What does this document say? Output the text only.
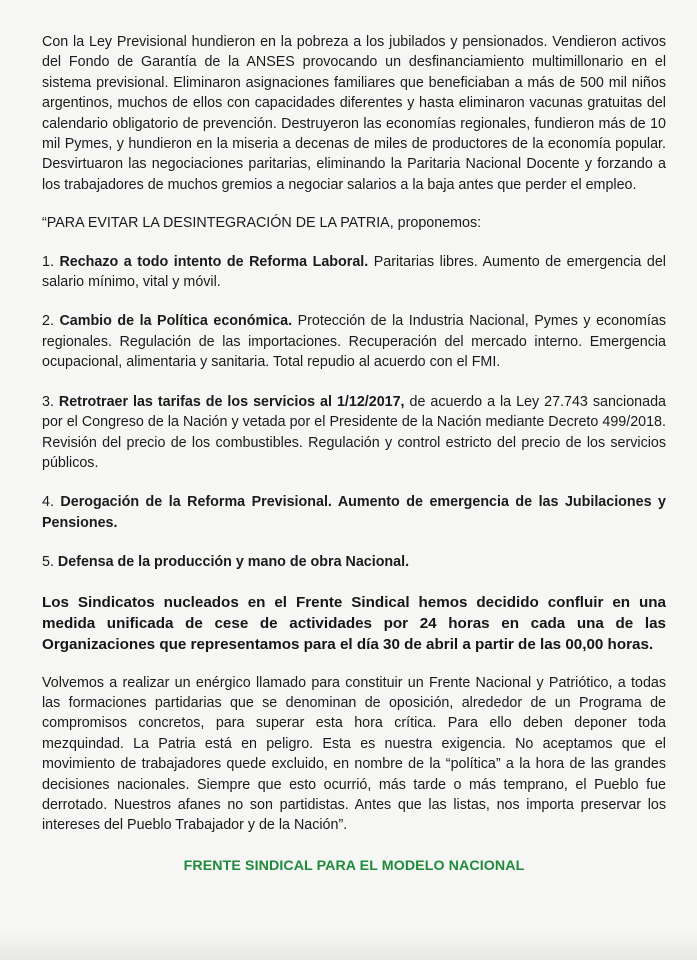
Con la Ley Previsional hundieron en la pobreza a los jubilados y pensionados. Vendieron activos del Fondo de Garantía de la ANSES provocando un desfinanciamiento multimillonario en el sistema previsional. Eliminaron asignaciones familiares que beneficiaban a más de 500 mil niños argentinos, muchos de ellos con capacidades diferentes y hasta eliminaron vacunas gratuitas del calendario obligatorio de prevención. Destruyeron las economías regionales, fundieron más de 10 mil Pymes, y hundieron en la miseria a decenas de miles de productores de la economía popular. Desvirtuaron las negociaciones paritarias, eliminando la Paritaria Nacional Docente y forzando a los trabajadores de muchos gremios a negociar salarios a la baja antes que perder el empleo.

“PARA EVITAR LA DESINTEGRACIÓN DE LA PATRIA, proponemos:

1. Rechazo a todo intento de Reforma Laboral. Paritarias libres. Aumento de emergencia del salario mínimo, vital y móvil.

2. Cambio de la Política económica. Protección de la Industria Nacional, Pymes y economías regionales. Regulación de las importaciones. Recuperación del mercado interno. Emergencia ocupacional, alimentaria y sanitaria. Total repudio al acuerdo con el FMI.

3. Retrotraer las tarifas de los servicios al 1/12/2017, de acuerdo a la Ley 27.743 sancionada por el Congreso de la Nación y vetada por el Presidente de la Nación mediante Decreto 499/2018. Revisión del precio de los combustibles. Regulación y control estricto del precio de los servicios públicos.

4. Derogación de la Reforma Previsional. Aumento de emergencia de las Jubilaciones y Pensiones.

5. Defensa de la producción y mano de obra Nacional.

Los Sindicatos nucleados en el Frente Sindical hemos decidido confluir en una medida unificada de cese de actividades por 24 horas en cada una de las Organizaciones que representamos para el día 30 de abril a partir de las 00,00 horas.

Volvemos a realizar un enérgico llamado para constituir un Frente Nacional y Patriótico, a todas las formaciones partidarias que se denominan de oposición, alrededor de un Programa de compromisos concretos, para superar esta hora crítica. Para ello deben deponer toda mezquindad. La Patria está en peligro. Esta es nuestra exigencia. No aceptamos que el movimiento de trabajadores quede excluido, en nombre de la “política” a la hora de las grandes decisiones nacionales. Siempre que esto ocurrió, más tarde o más temprano, el Pueblo fue derrotado. Nuestros afanes no son partidistas. Antes que las listas, nos importa preservar los intereses del Pueblo Trabajador y de la Nación”.

FRENTE SINDICAL PARA EL MODELO NACIONAL
